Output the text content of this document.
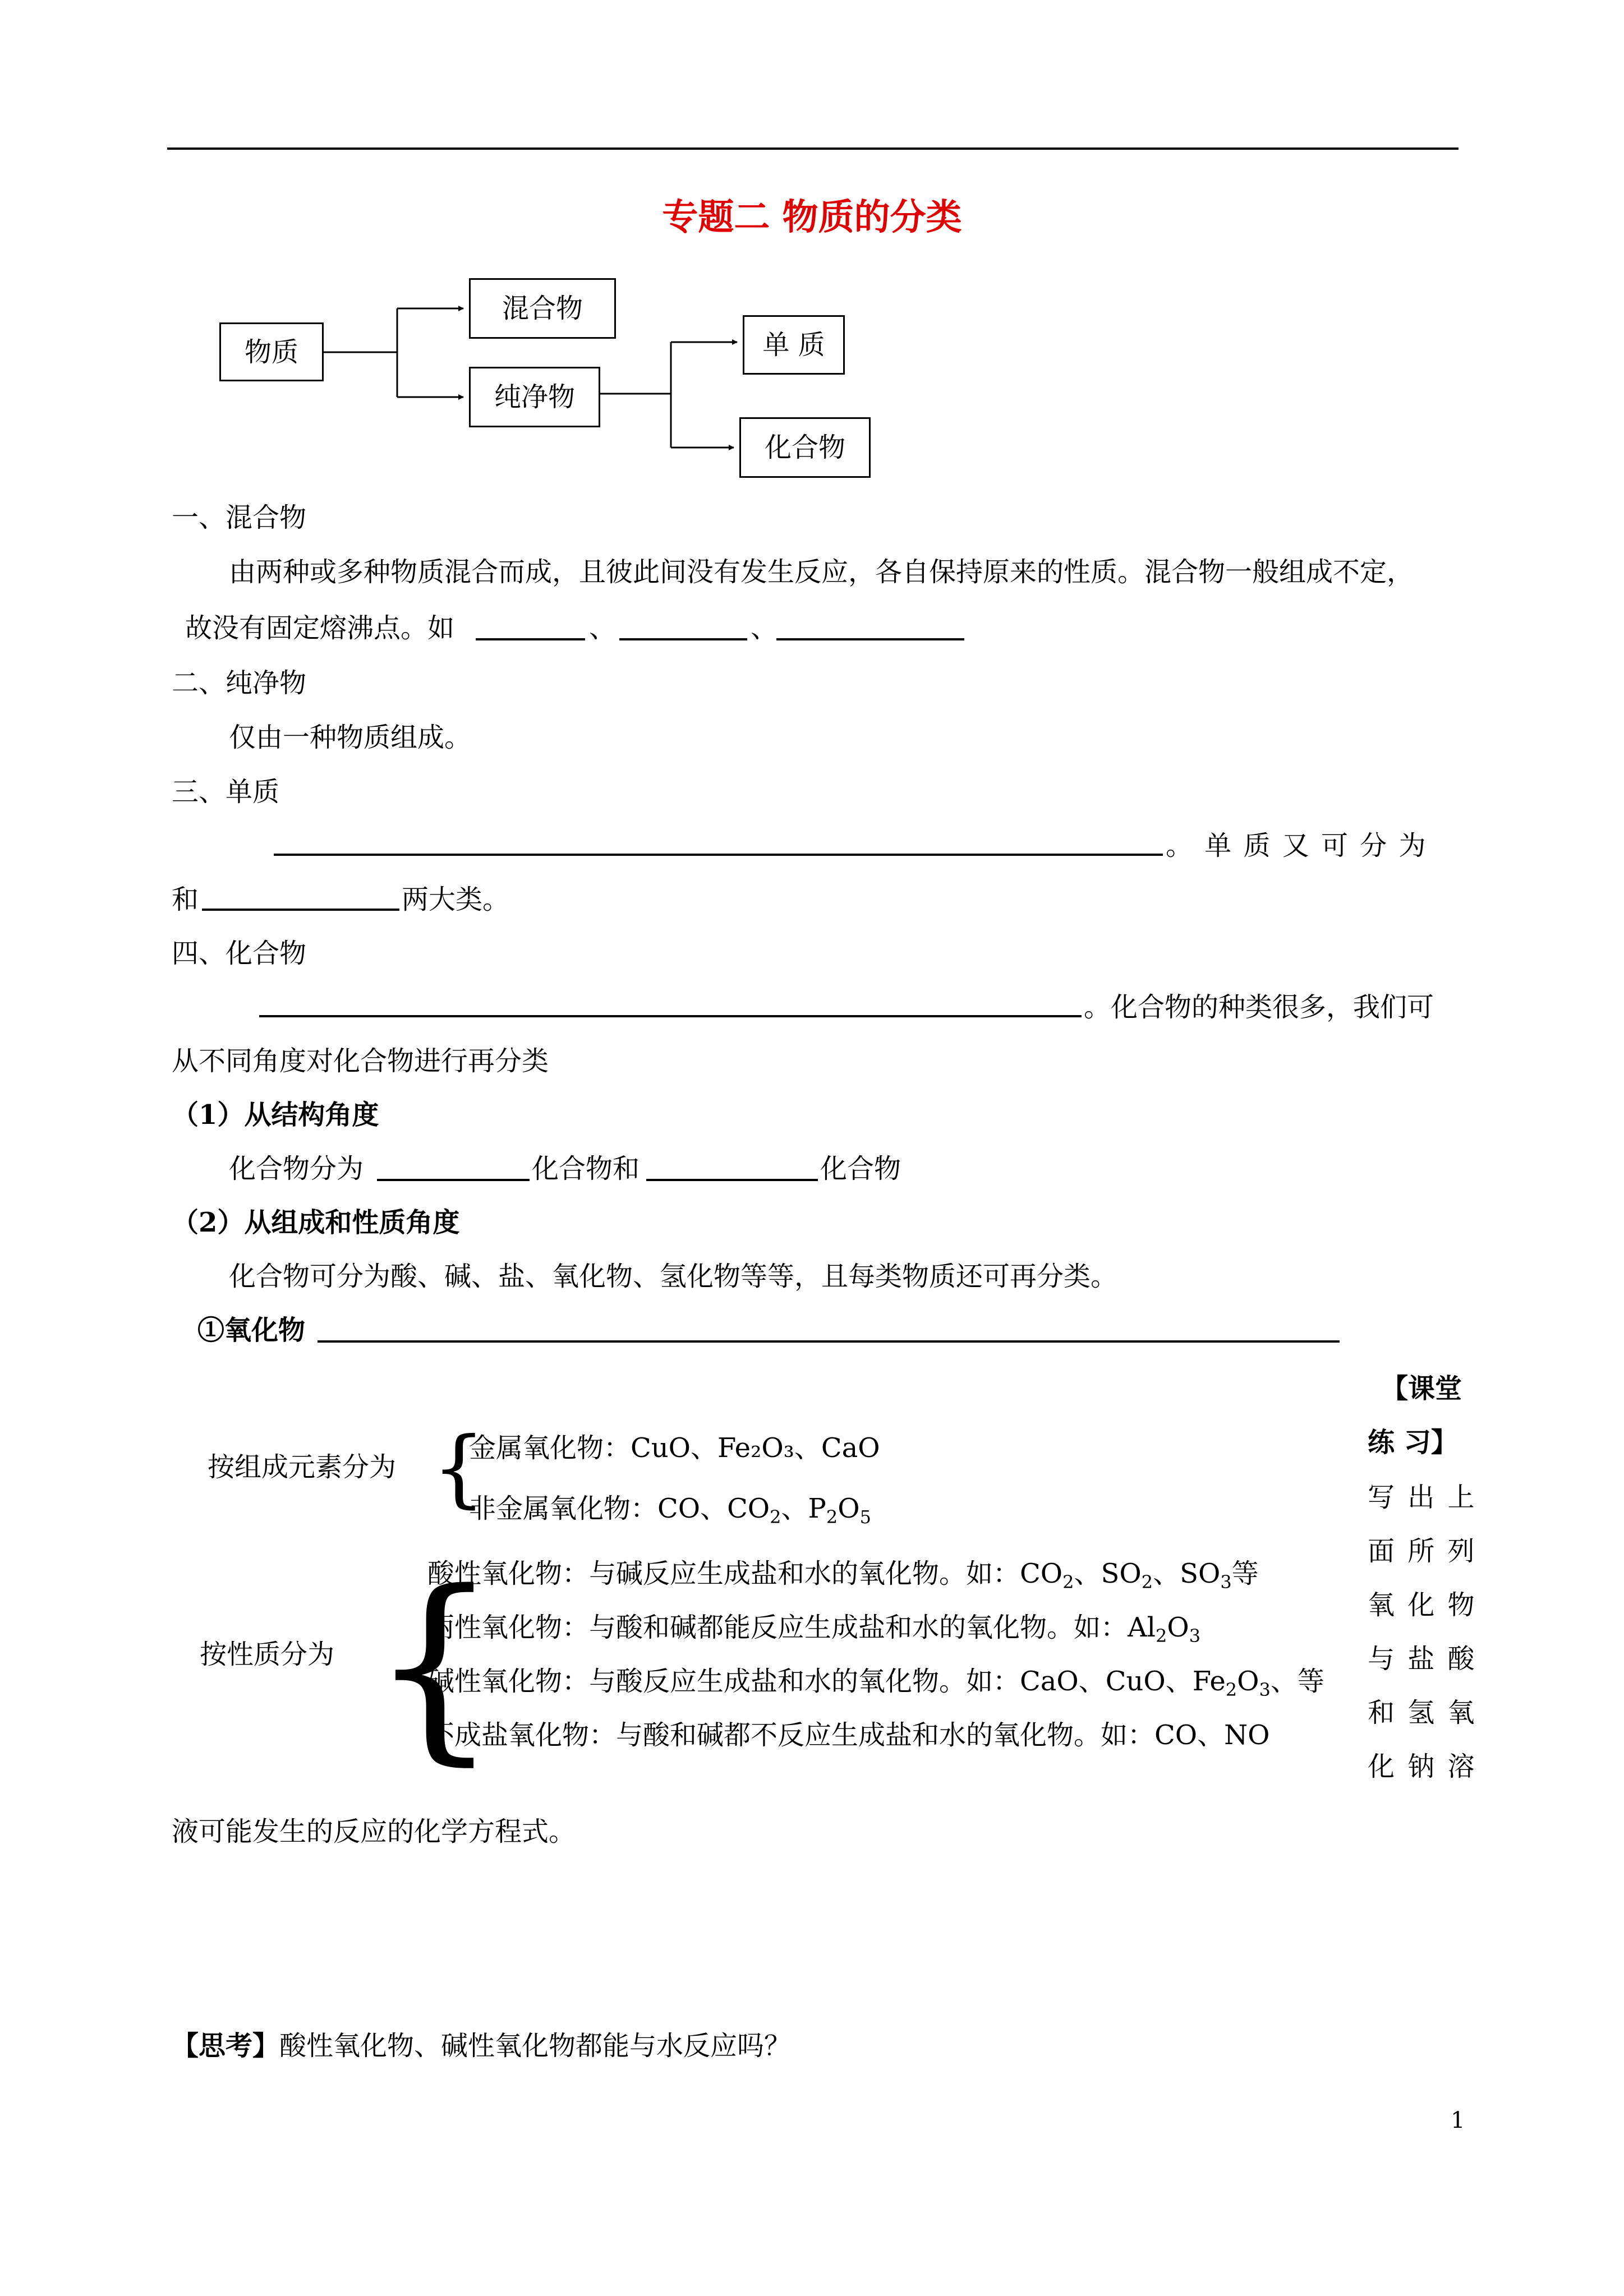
专题二 物质的分类
物质
混合物
纯净物
单 质
化合物
一、混合物
由两种或多种物质混合而成，且彼此间没有发生反应，各自保持原来的性质。混合物一般组成不定，
故没有固定熔沸点。如	、	、
二、纯净物
仅由一种物质组成。
三、单质
。 单 质 又 可 分 为
和	两大类。
四、化合物
。化合物的种类很多，我们可
从不同角度对化合物进行再分类
（1）从结构角度
化合物分为	化合物和	化合物
（2）从组成和性质角度
化合物可分为酸、碱、盐、氧化物、氢化物等等，且每类物质还可再分类。
①氧化物
按组成元素分为 {
金属氧化物：CuO、Fe₂O₃、CaO
非金属氧化物：CO、$CO_2$、$P_2O_5$
按性质分为 {
酸性氧化物：与碱反应生成盐和水的氧化物。如：$CO_2$、$SO_2$、$SO_3$等
两性氧化物：与酸和碱都能反应生成盐和水的氧化物。如：$Al_2O_3$
碱性氧化物：与酸反应生成盐和水的氧化物。如：CaO、CuO、$Fe_2O_3$、等
不成盐氧化物：与酸和碱都不反应生成盐和水的氧化物。如：CO、NO
【课堂
练 习】
写 出 上
面 所 列
氧 化 物
与 盐 酸
和 氢 氧
化 钠 溶
液可能发生的反应的化学方程式。
【思考】酸性氧化物、碱性氧化物都能与水反应吗？
1
